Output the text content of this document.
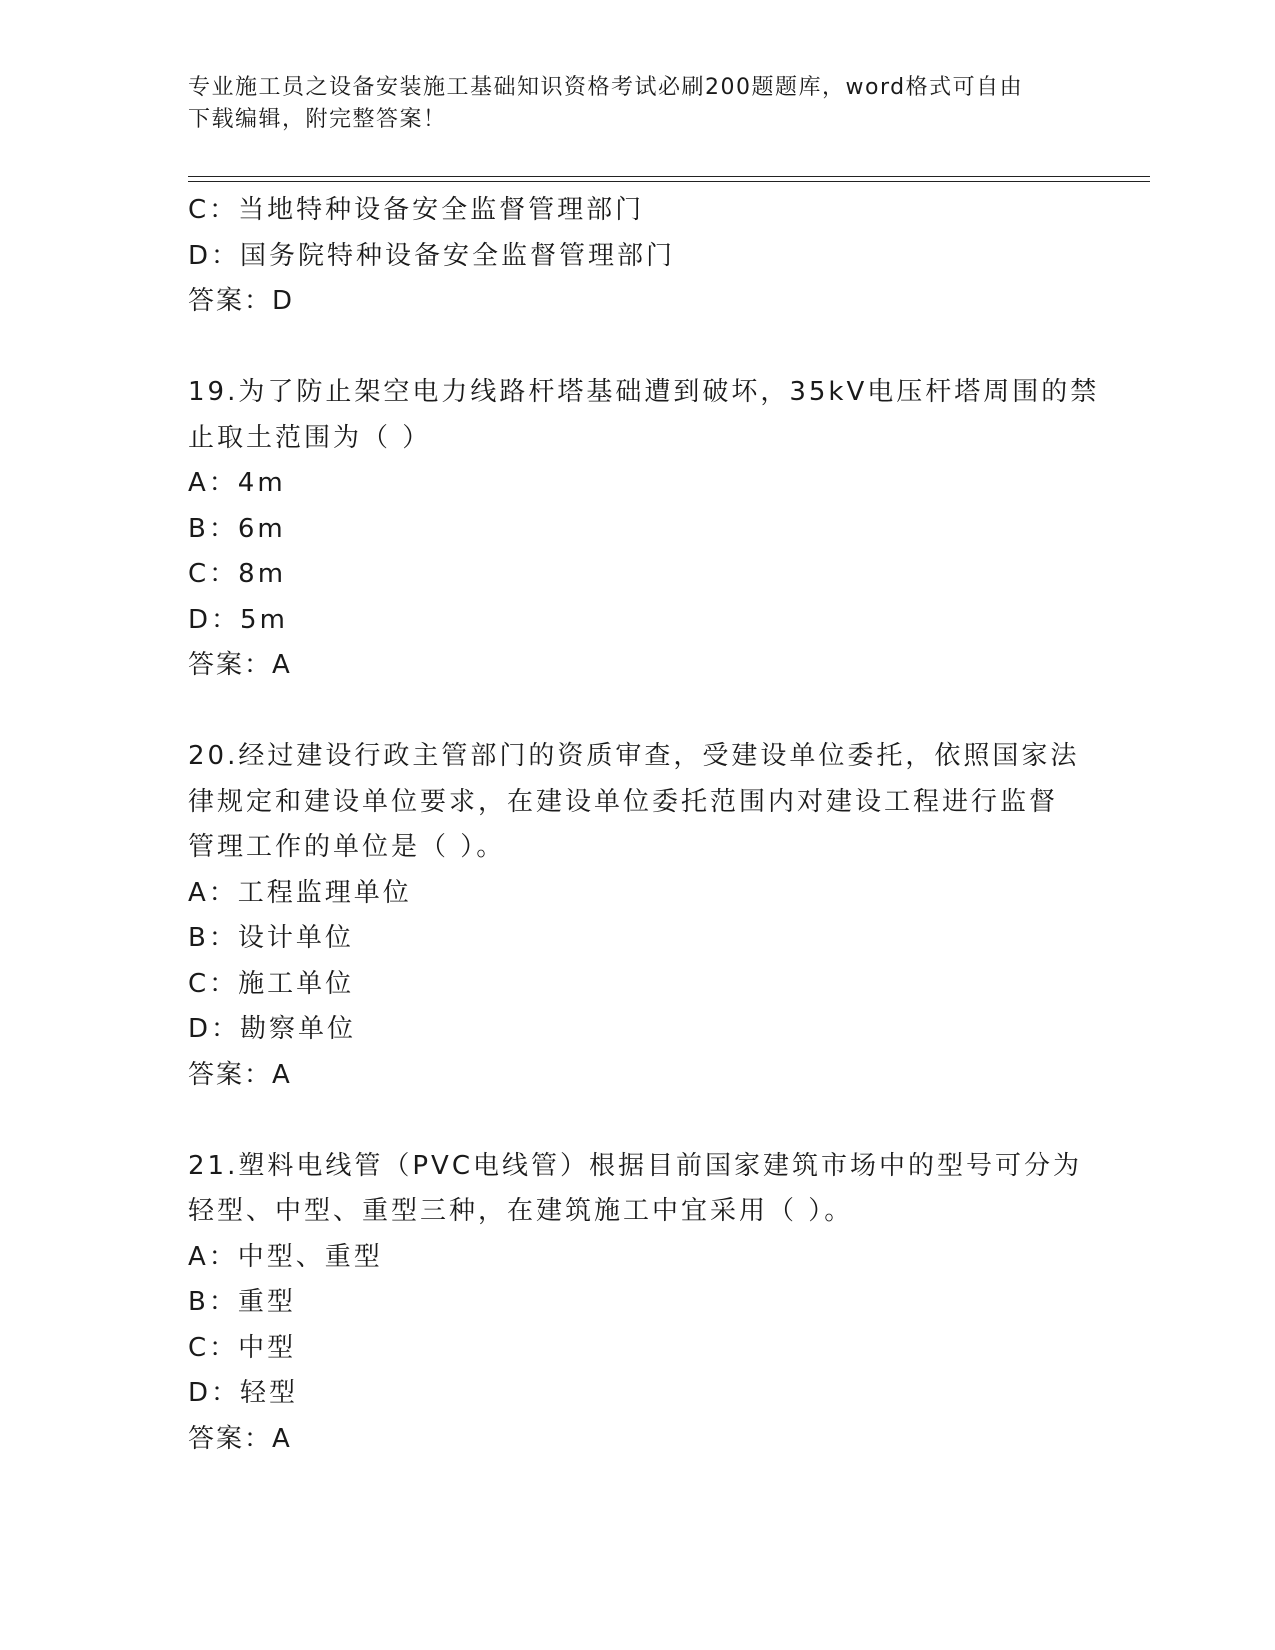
专业施工员之设备安装施工基础知识资格考试必刷200题题库，word格式可自由
下载编辑，附完整答案！
C：当地特种设备安全监督管理部门
D：国务院特种设备安全监督管理部门
答案：D
19.为了防止架空电力线路杆塔基础遭到破坏，35kV电压杆塔周围的禁
止取土范围为（ ）
A：4m
B：6m
C：8m
D：5m
答案：A
20.经过建设行政主管部门的资质审查，受建设单位委托，依照国家法
律规定和建设单位要求，在建设单位委托范围内对建设工程进行监督
管理工作的单位是（ ）。
A：工程监理单位
B：设计单位
C：施工单位
D：勘察单位
答案：A
21.塑料电线管（PVC电线管）根据目前国家建筑市场中的型号可分为
轻型、中型、重型三种，在建筑施工中宜采用（ ）。
A：中型、重型
B：重型
C：中型
D：轻型
答案：A
